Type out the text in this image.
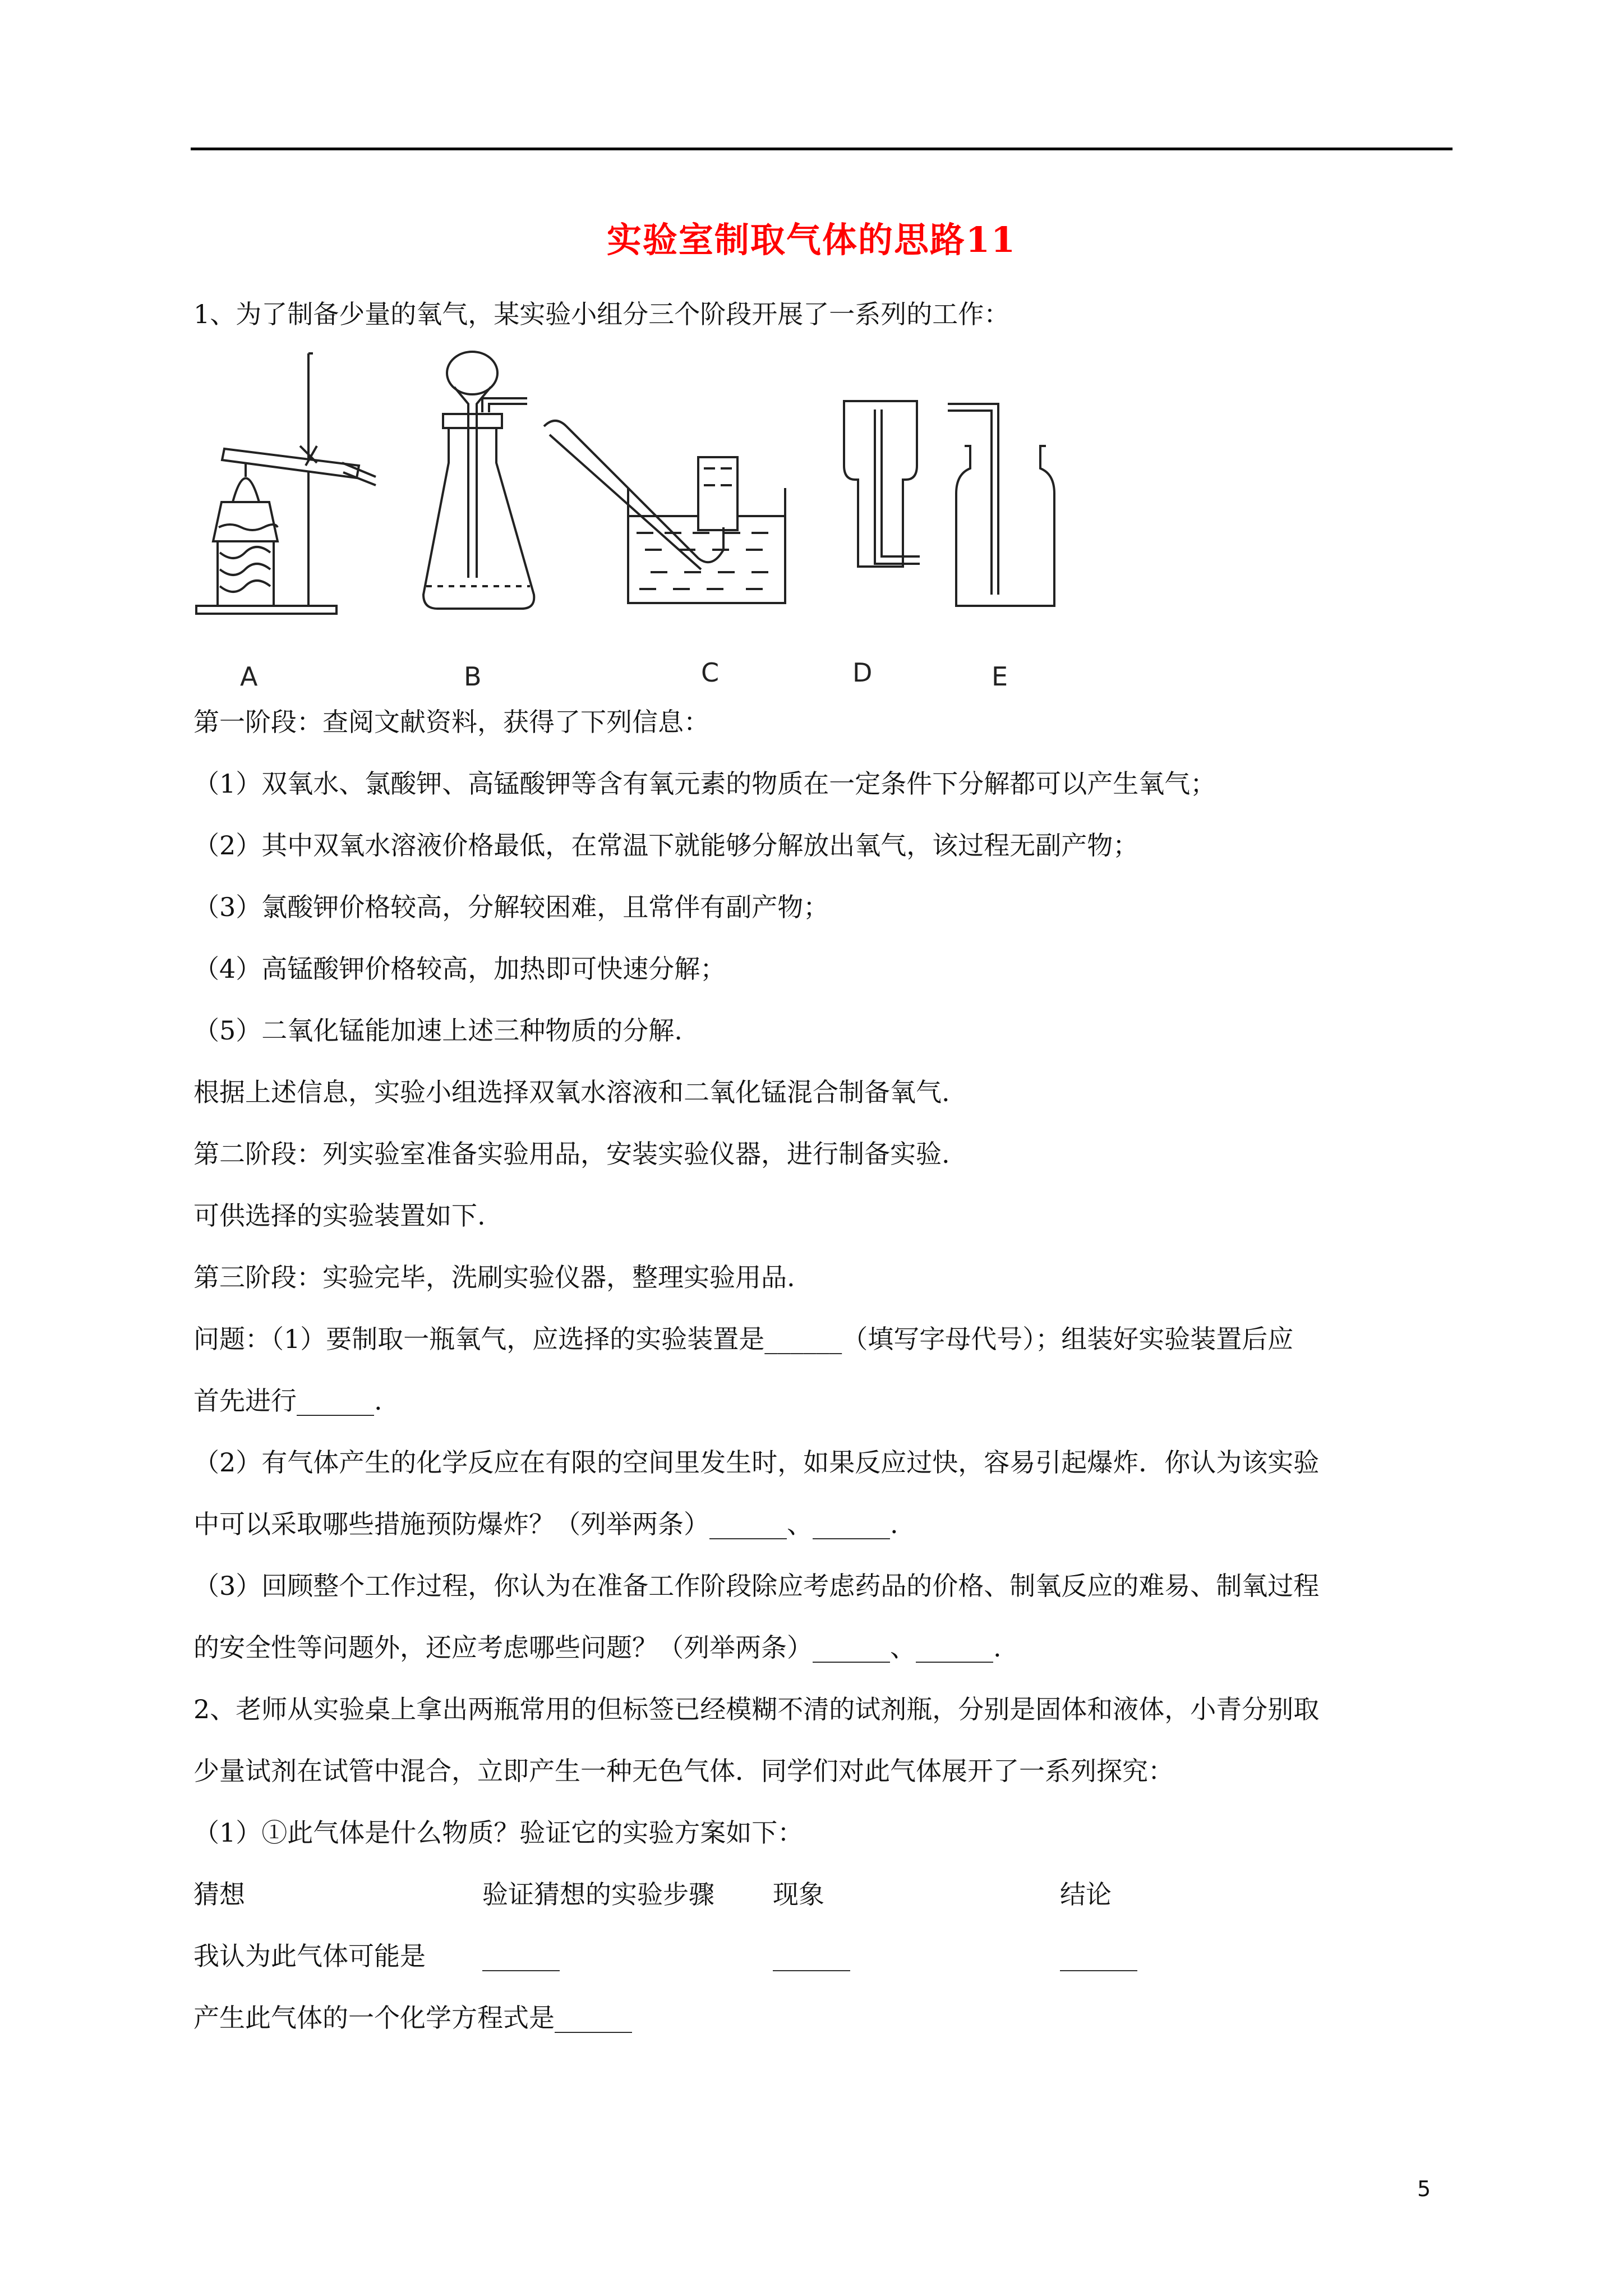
实验室制取气体的思路11
1、为了制备少量的氧气，某实验小组分三个阶段开展了一系列的工作：
A	B	C	D	E
第一阶段：查阅文献资料，获得了下列信息：
（1）双氧水、氯酸钾、高锰酸钾等含有氧元素的物质在一定条件下分解都可以产生氧气；
（2）其中双氧水溶液价格最低，在常温下就能够分解放出氧气，该过程无副产物；
（3）氯酸钾价格较高，分解较困难，且常伴有副产物；
（4）高锰酸钾价格较高，加热即可快速分解；
（5）二氧化锰能加速上述三种物质的分解.
根据上述信息，实验小组选择双氧水溶液和二氧化锰混合制备氧气.
第二阶段：列实验室准备实验用品，安装实验仪器，进行制备实验.
可供选择的实验装置如下.
第三阶段：实验完毕，洗刷实验仪器，整理实验用品.
问题：（1）要制取一瓶氧气，应选择的实验装置是______（填写字母代号）；组装好实验装置后应
首先进行______.
（2）有气体产生的化学反应在有限的空间里发生时，如果反应过快，容易引起爆炸．你认为该实验
中可以采取哪些措施预防爆炸？（列举两条）______、______.
（3）回顾整个工作过程，你认为在准备工作阶段除应考虑药品的价格、制氧反应的难易、制氧过程
的安全性等问题外，还应考虑哪些问题？（列举两条）______、______.
2、老师从实验桌上拿出两瓶常用的但标签已经模糊不清的试剂瓶，分别是固体和液体，小青分别取
少量试剂在试管中混合，立即产生一种无色气体．同学们对此气体展开了一系列探究：
（1）①此气体是什么物质？验证它的实验方案如下：
猜想	验证猜想的实验步骤 现象	结论
我认为此气体可能是 ______	______	______
产生此气体的一个化学方程式是______
5
